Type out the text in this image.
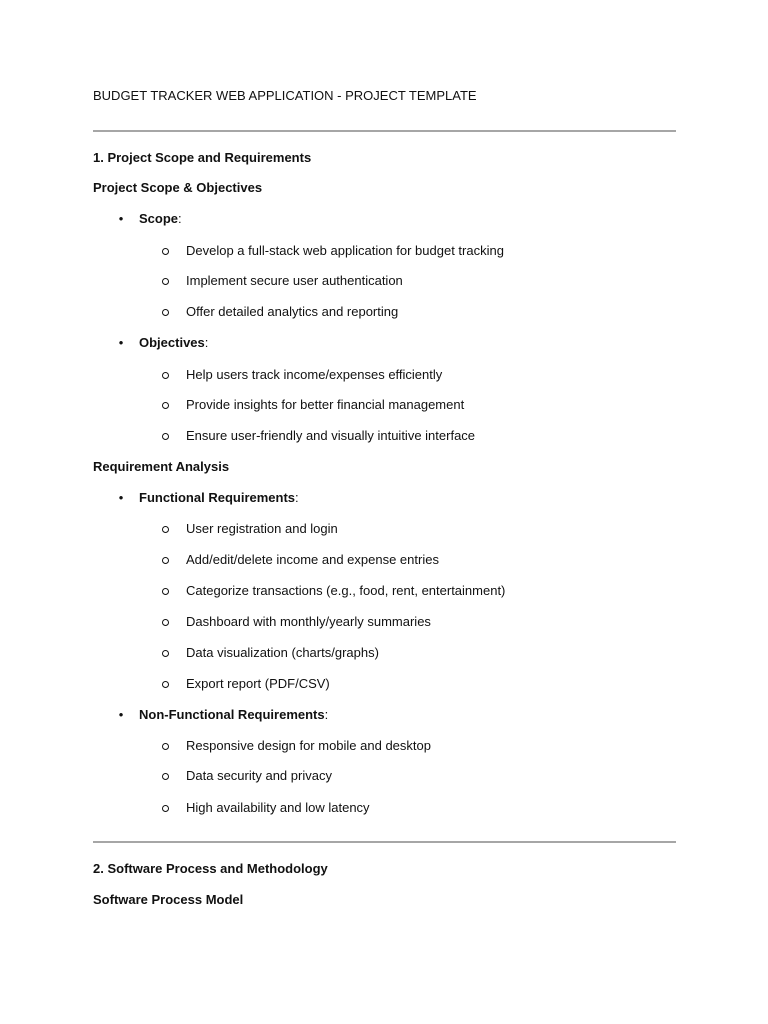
BUDGET TRACKER WEB APPLICATION - PROJECT TEMPLATE
1. Project Scope and Requirements
Project Scope & Objectives
• Scope:
Develop a full-stack web application for budget tracking
Implement secure user authentication
Offer detailed analytics and reporting
• Objectives:
Help users track income/expenses efficiently
Provide insights for better financial management
Ensure user-friendly and visually intuitive interface
Requirement Analysis
• Functional Requirements:
User registration and login
Add/edit/delete income and expense entries
Categorize transactions (e.g., food, rent, entertainment)
Dashboard with monthly/yearly summaries
Data visualization (charts/graphs)
Export report (PDF/CSV)
• Non-Functional Requirements:
Responsive design for mobile and desktop
Data security and privacy
High availability and low latency
2. Software Process and Methodology
Software Process Model
